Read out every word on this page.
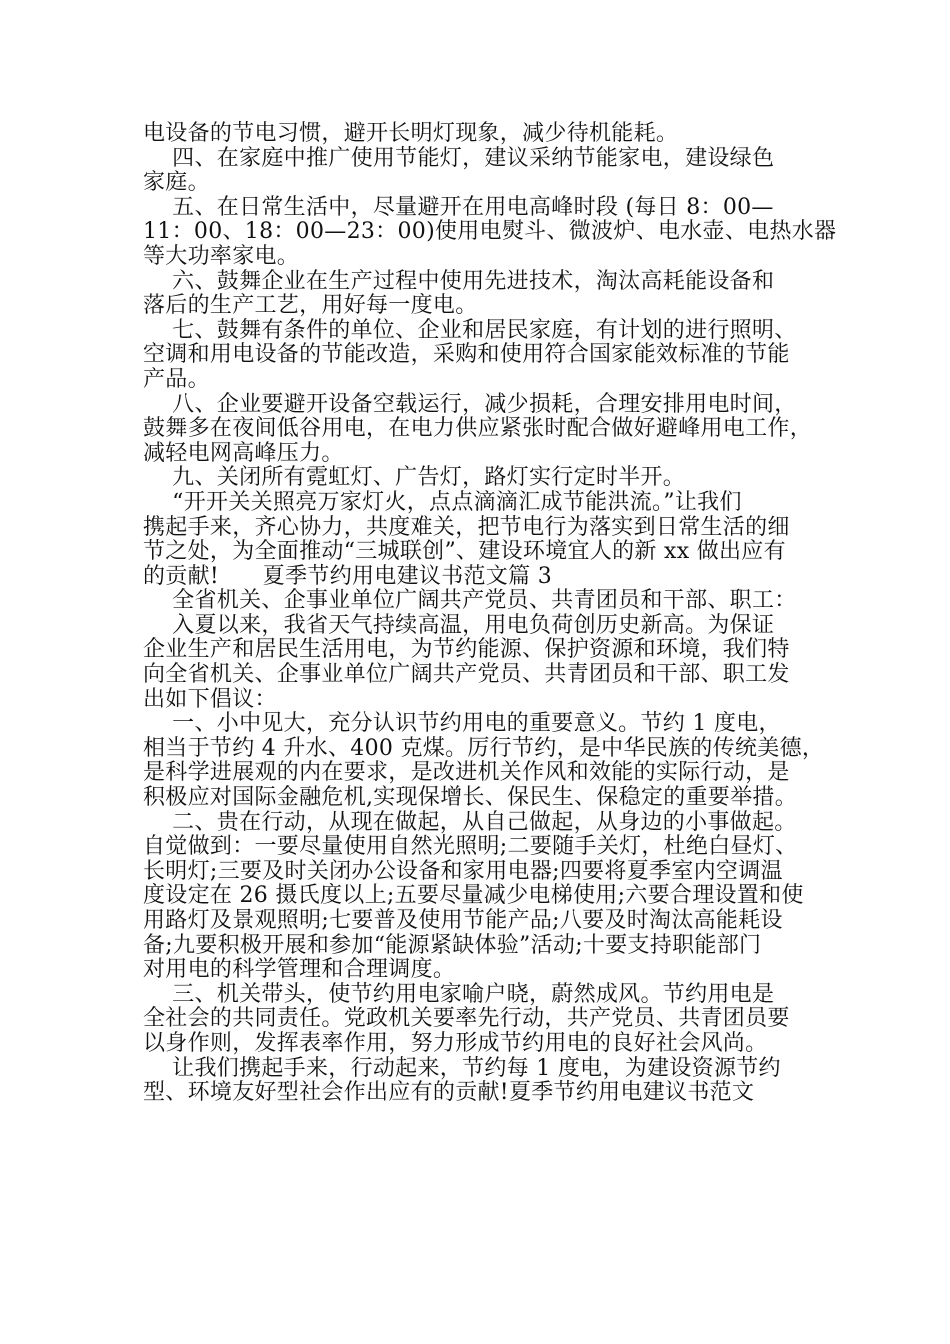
电设备的节电习惯，避开长明灯现象，减少待机能耗。
四、在家庭中推广使用节能灯，建议采纳节能家电，建设绿色
家庭。
五、在日常生活中，尽量避开在用电高峰时段 (每日 8：00—
11：00、18：00—23：00)使用电熨斗、微波炉、电水壶、电热水器
等大功率家电。
六、鼓舞企业在生产过程中使用先进技术，淘汰高耗能设备和
落后的生产工艺，用好每一度电。
七、鼓舞有条件的单位、企业和居民家庭，有计划的进行照明、
空调和用电设备的节能改造，采购和使用符合国家能效标准的节能
产品。
八、企业要避开设备空载运行，减少损耗，合理安排用电时间，
鼓舞多在夜间低谷用电，在电力供应紧张时配合做好避峰用电工作，
减轻电网高峰压力。
九、关闭所有霓虹灯、广告灯，路灯实行定时半开。
“开开关关照亮万家灯火，点点滴滴汇成节能洪流。”让我们
携起手来，齐心协力，共度难关，把节电行为落实到日常生活的细
节之处，为全面推动“三城联创”、建设环境宜人的新 xx 做出应有
的贡献!      夏季节约用电建议书范文篇 3
全省机关、企事业单位广阔共产党员、共青团员和干部、职工：
入夏以来，我省天气持续高温，用电负荷创历史新高。为保证
企业生产和居民生活用电，为节约能源、保护资源和环境，我们特
向全省机关、企事业单位广阔共产党员、共青团员和干部、职工发
出如下倡议：
一、小中见大，充分认识节约用电的重要意义。节约 1 度电，
相当于节约 4 升水、400 克煤。厉行节约，是中华民族的传统美德，
是科学进展观的内在要求，是改进机关作风和效能的实际行动，是
积极应对国际金融危机,实现保增长、保民生、保稳定的重要举措。
二、贵在行动，从现在做起，从自己做起，从身边的小事做起。
自觉做到：一要尽量使用自然光照明;二要随手关灯，杜绝白昼灯、
长明灯;三要及时关闭办公设备和家用电器;四要将夏季室内空调温
度设定在 26 摄氏度以上;五要尽量减少电梯使用;六要合理设置和使
用路灯及景观照明;七要普及使用节能产品;八要及时淘汰高能耗设
备;九要积极开展和参加“能源紧缺体验”活动;十要支持职能部门
对用电的科学管理和合理调度。
三、机关带头，使节约用电家喻户晓，蔚然成风。节约用电是
全社会的共同责任。党政机关要率先行动，共产党员、共青团员要
以身作则，发挥表率作用，努力形成节约用电的良好社会风尚。
让我们携起手来，行动起来，节约每 1 度电，为建设资源节约
型、环境友好型社会作出应有的贡献!夏季节约用电建议书范文
